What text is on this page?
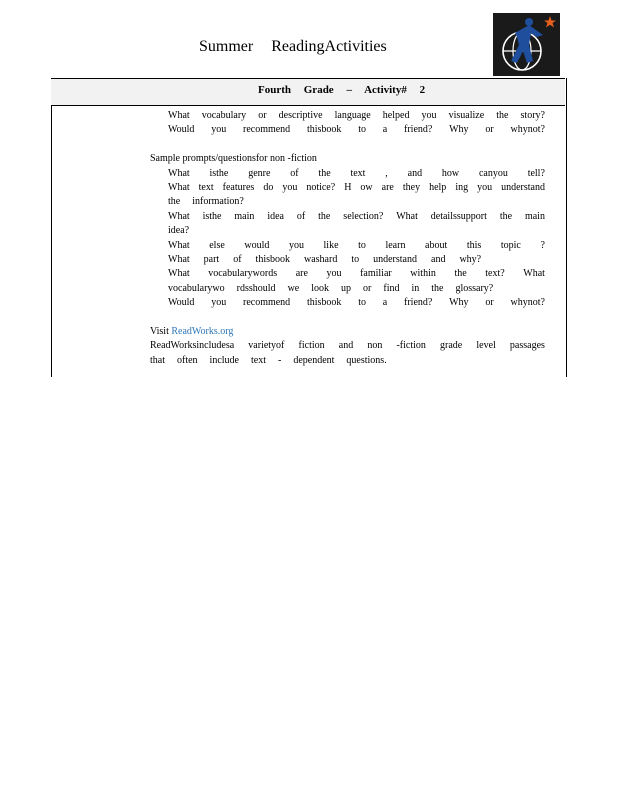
Summer ReadingActivities
Fourth Grade – Activity# 2
What vocabulary or descriptive language helped you visualize the story?
Would you recommend thisbook to a friend? Why or whynot?
Sample prompts/questionsfor non -fiction
What isthe genre of the text , and how canyou tell?
What text features do you notice? H ow are they help ing you understand
the information?
What isthe main idea of the selection? What detailssupport the main
idea?
What else would you like to learn about this topic ?
What part of thisbook washard to understand and why?
What vocabularywords are you familiar within the text? What
vocabularywo rdsshould we look up or find in the glossary?
Would you recommend thisbook to a friend? Why or whynot?
Visit ReadWorks.org
ReadWorksincludesa varietyof fiction and non -fiction grade level passages
that often include text - dependent questions.
